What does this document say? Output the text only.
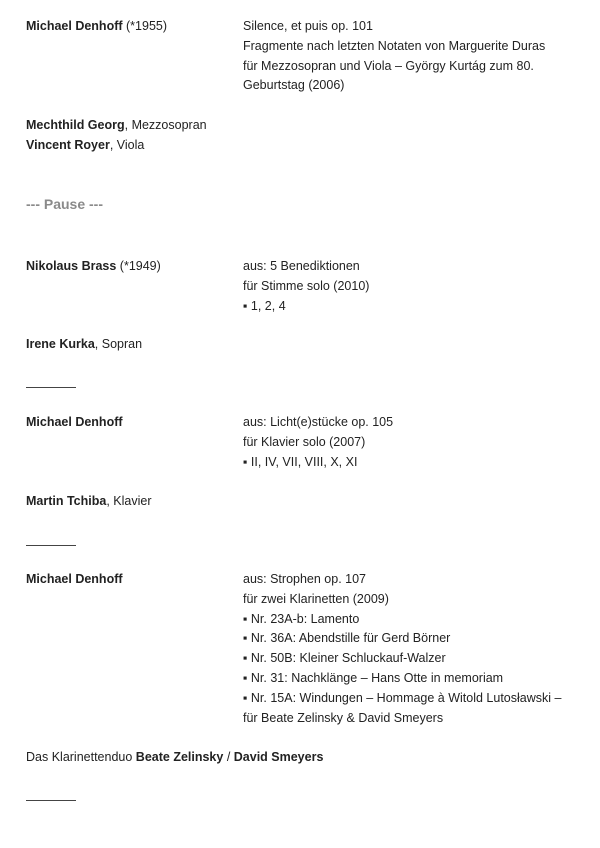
Michael Denhoff (*1955)	Silence, et puis op. 101
Fragmente nach letzten Notaten von Marguerite Duras
für Mezzosopran und Viola – György Kurtág zum 80.
Geburtstag (2006)
Mechthild Georg, Mezzosopran
Vincent Royer, Viola
--- Pause ---
Nikolaus Brass (*1949)	aus: 5 Benediktionen
für Stimme solo (2010)
▪ 1, 2, 4
Irene Kurka, Sopran
Michael Denhoff	aus: Licht(e)stücke op. 105
für Klavier solo (2007)
▪ II, IV, VII, VIII, X, XI
Martin Tchiba, Klavier
Michael Denhoff	aus: Strophen op. 107
für zwei Klarinetten (2009)
▪ Nr. 23A-b: Lamento
▪ Nr. 36A: Abendstille für Gerd Börner
▪ Nr. 50B: Kleiner Schluckauf-Walzer
▪ Nr. 31: Nachklänge – Hans Otte in memoriam
▪ Nr. 15A: Windungen – Hommage à Witold Lutosławski –
für Beate Zelinsky & David Smeyers
Das Klarinettenduo Beate Zelinsky / David Smeyers
